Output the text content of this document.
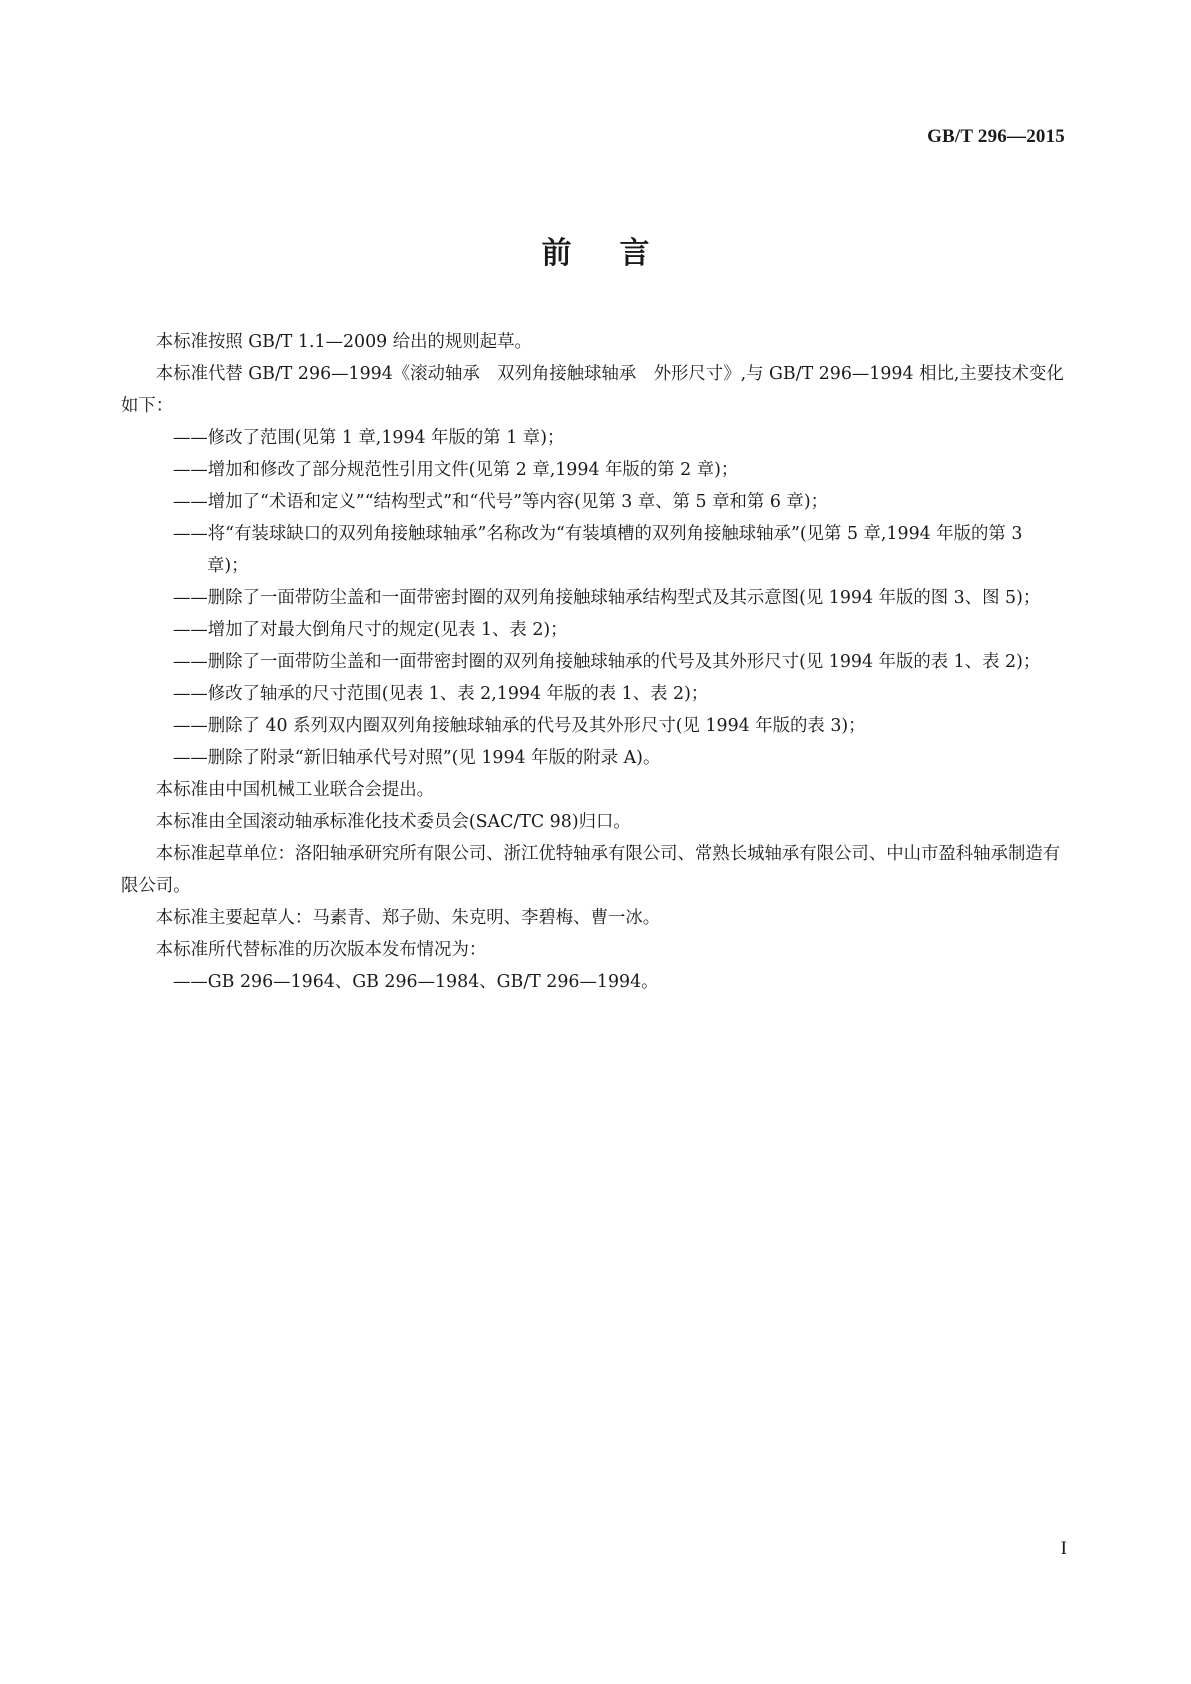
GB/T 296—2015
前言

本标准按照 GB/T 1.1—2009 给出的规则起草。

本标准代替 GB/T 296—1994《滚动轴承　双列角接触球轴承　外形尺寸》,与 GB/T 296—1994 相比,主要技术变化如下：

——修改了范围(见第 1 章,1994 年版的第 1 章)；

——增加和修改了部分规范性引用文件(见第 2 章,1994 年版的第 2 章)；

——增加了“术语和定义”“结构型式”和“代号”等内容(见第 3 章、第 5 章和第 6 章)；

——将“有装球缺口的双列角接触球轴承”名称改为“有装填槽的双列角接触球轴承”(见第 5 章,1994 年版的第 3 章)；

——删除了一面带防尘盖和一面带密封圈的双列角接触球轴承结构型式及其示意图(见 1994 年版的图 3、图 5)；

——增加了对最大倒角尺寸的规定(见表 1、表 2)；

——删除了一面带防尘盖和一面带密封圈的双列角接触球轴承的代号及其外形尺寸(见 1994 年版的表 1、表 2)；

——修改了轴承的尺寸范围(见表 1、表 2,1994 年版的表 1、表 2)；

——删除了 40 系列双内圈双列角接触球轴承的代号及其外形尺寸(见 1994 年版的表 3)；

——删除了附录“新旧轴承代号对照”(见 1994 年版的附录 A)。

本标准由中国机械工业联合会提出。

本标准由全国滚动轴承标准化技术委员会(SAC/TC 98)归口。

本标准起草单位：洛阳轴承研究所有限公司、浙江优特轴承有限公司、常熟长城轴承有限公司、中山市盈科轴承制造有限公司。

本标准主要起草人：马素青、郑子勋、朱克明、李碧梅、曹一冰。

本标准所代替标准的历次版本发布情况为：

——GB 296—1964、GB 296—1984、GB/T 296—1994。

I
